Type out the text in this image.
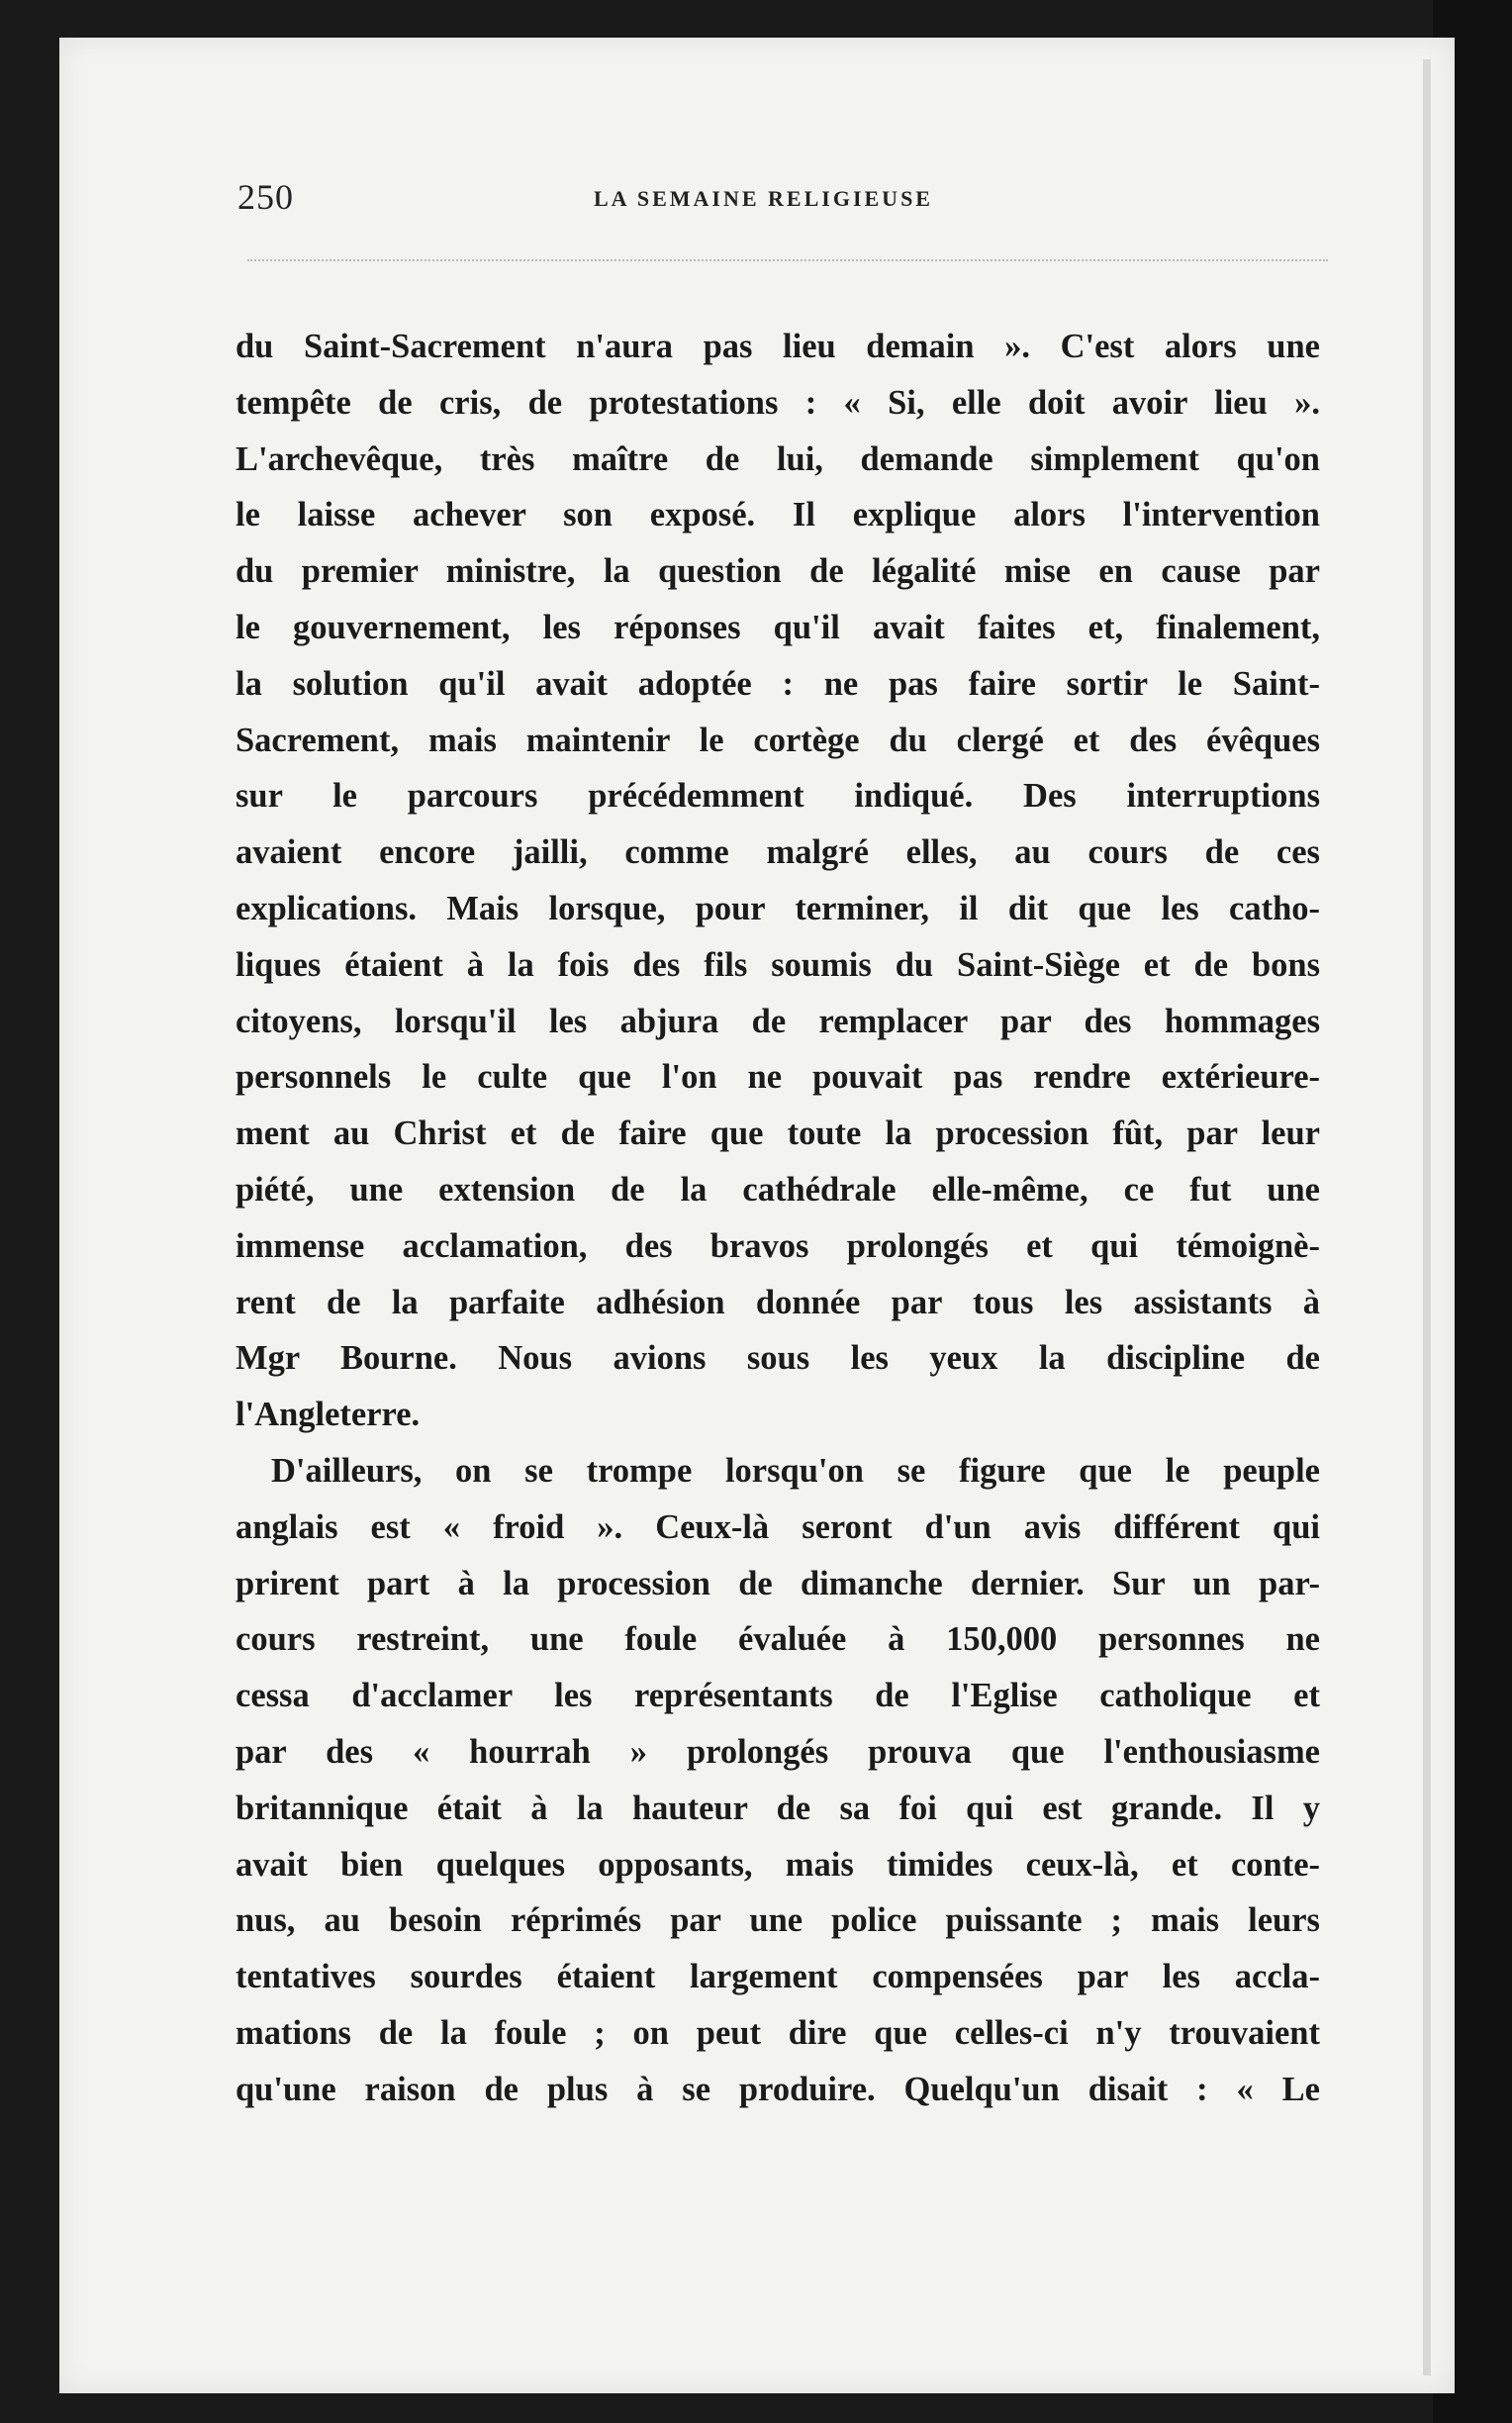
250	LA SEMAINE RELIGIEUSE

du Saint-Sacrement n'aura pas lieu demain ». C'est alors une
tempête de cris, de protestations : « Si, elle doit avoir lieu ».
L'archevêque, très maître de lui, demande simplement qu'on
le laisse achever son exposé. Il explique alors l'intervention
du premier ministre, la question de légalité mise en cause par
le gouvernement, les réponses qu'il avait faites et, finalement,
la solution qu'il avait adoptée : ne pas faire sortir le Saint-
Sacrement, mais maintenir le cortège du clergé et des évêques
sur le parcours précédemment indiqué. Des interruptions
avaient encore jailli, comme malgré elles, au cours de ces
explications. Mais lorsque, pour terminer, il dit que les catho-
liques étaient à la fois des fils soumis du Saint-Siège et de bons
citoyens, lorsqu'il les abjura de remplacer par des hommages
personnels le culte que l'on ne pouvait pas rendre extérieure-
ment au Christ et de faire que toute la procession fût, par leur
piété, une extension de la cathédrale elle-même, ce fut une
immense acclamation, des bravos prolongés et qui témoignè-
rent de la parfaite adhésion donnée par tous les assistants à
Mgr Bourne. Nous avions sous les yeux la discipline de
l'Angleterre.

D'ailleurs, on se trompe lorsqu'on se figure que le peuple
anglais est « froid ». Ceux-là seront d'un avis différent qui
prirent part à la procession de dimanche dernier. Sur un par-
cours restreint, une foule évaluée à 150,000 personnes ne
cessa d'acclamer les représentants de l'Eglise catholique et
par des « hourrah » prolongés prouva que l'enthousiasme
britannique était à la hauteur de sa foi qui est grande. Il y
avait bien quelques opposants, mais timides ceux-là, et conte-
nus, au besoin réprimés par une police puissante ; mais leurs
tentatives sourdes étaient largement compensées par les accla-
mations de la foule ; on peut dire que celles-ci n'y trouvaient
qu'une raison de plus à se produire. Quelqu'un disait : « Le
